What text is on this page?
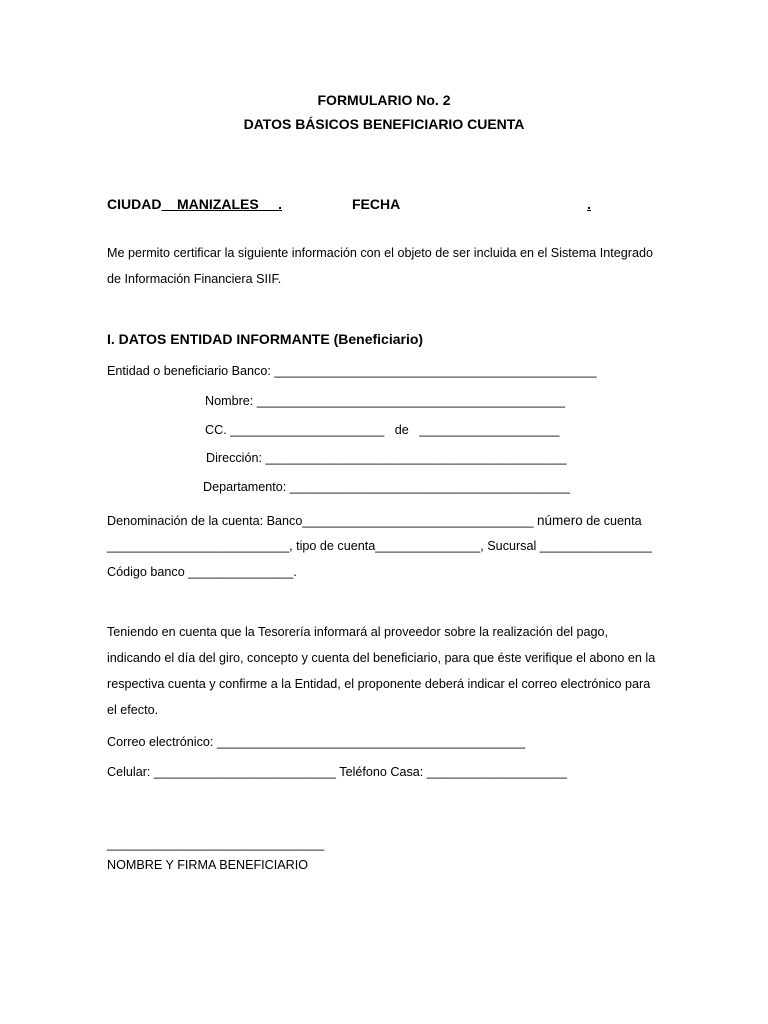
FORMULARIO No. 2
DATOS BÁSICOS BENEFICIARIO CUENTA
CIUDAD MANIZALES .	FECHA	.
Me permito certificar la siguiente información con el objeto de ser incluida en el Sistema Integrado
de Información Financiera SIIF.
I. DATOS ENTIDAD INFORMANTE (Beneficiario)
Entidad o beneficiario Banco: ______________________________________________
Nombre: ____________________________________________
CC. ______________________ de ____________________
Dirección: ___________________________________________
Departamento: ________________________________________
Denominación de la cuenta: Banco_________________________________ número de cuenta
__________________________, tipo de cuenta_______________, Sucursal ________________
Código banco _______________.
Teniendo en cuenta que la Tesorería informará al proveedor sobre la realización del pago,
indicando el día del giro, concepto y cuenta del beneficiario, para que éste verifique el abono en la
respectiva cuenta y confirme a la Entidad, el proponente deberá indicar el correo electrónico para
el efecto.
Correo electrónico: ____________________________________________
Celular: __________________________ Teléfono Casa: ____________________
_______________________________
NOMBRE Y FIRMA BENEFICIARIO
